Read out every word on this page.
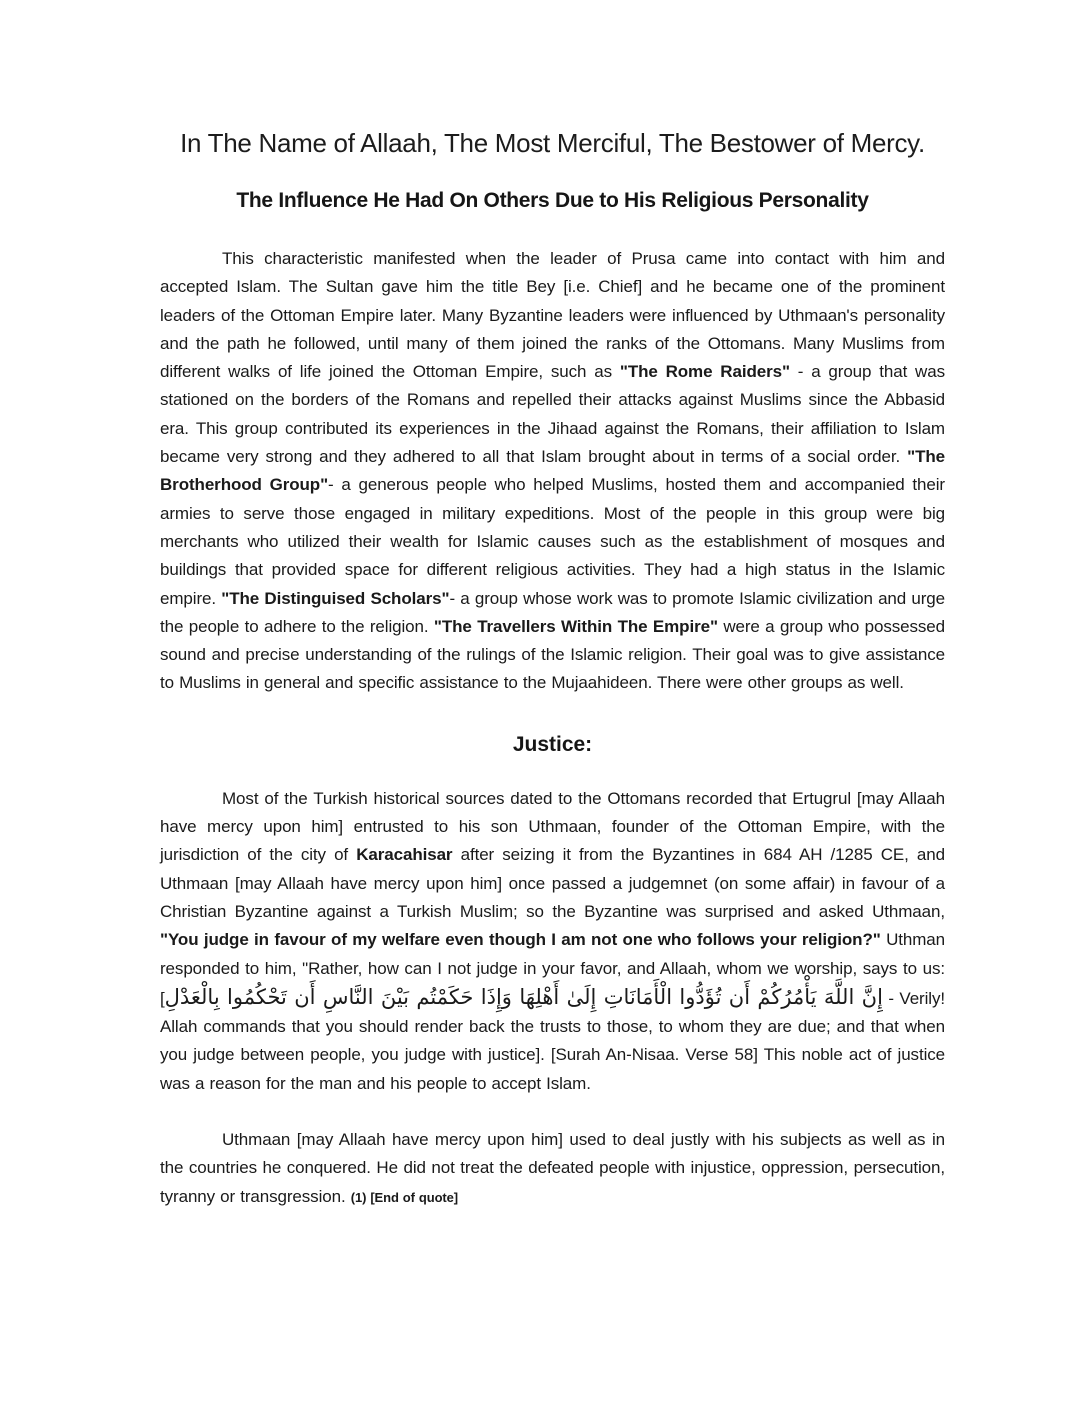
In The Name of Allaah, The Most Merciful, The Bestower of Mercy.
The Influence He Had On Others Due to His Religious Personality

This characteristic manifested when the leader of Prusa came into contact with him and accepted Islam. The Sultan gave him the title Bey [i.e. Chief] and he became one of the prominent leaders of the Ottoman Empire later. Many Byzantine leaders were influenced by Uthmaan's personality and the path he followed, until many of them joined the ranks of the Ottomans. Many Muslims from different walks of life joined the Ottoman Empire, such as "The Rome Raiders" - a group that was stationed on the borders of the Romans and repelled their attacks against Muslims since the Abbasid era. This group contributed its experiences in the Jihaad against the Romans, their affiliation to Islam became very strong and they adhered to all that Islam brought about in terms of a social order. "The Brotherhood Group"- a generous people who helped Muslims, hosted them and accompanied their armies to serve those engaged in military expeditions. Most of the people in this group were big merchants who utilized their wealth for Islamic causes such as the establishment of mosques and buildings that provided space for different religious activities. They had a high status in the Islamic empire. "The Distinguised Scholars"- a group whose work was to promote Islamic civilization and urge the people to adhere to the religion. "The Travellers Within The Empire" were a group who possessed sound and precise understanding of the rulings of the Islamic religion. Their goal was to give assistance to Muslims in general and specific assistance to the Mujaahideen. There were other groups as well.

Justice:

Most of the Turkish historical sources dated to the Ottomans recorded that Ertugrul [may Allaah have mercy upon him] entrusted to his son Uthmaan, founder of the Ottoman Empire, with the jurisdiction of the city of Karacahisar after seizing it from the Byzantines in 684 AH /1285 CE, and Uthmaan [may Allaah have mercy upon him] once passed a judgemnet (on some affair) in favour of a Christian Byzantine against a Turkish Muslim; so the Byzantine was surprised and asked Uthmaan, "You judge in favour of my welfare even though I am not one who follows your religion?" Uthman responded to him, "Rather, how can I not judge in your favor, and Allaah, whom we worship, says to us: [إِنَّ اللَّهَ يَأْمُرُكُمْ أَن تُؤَدُّوا الْأَمَانَاتِ إِلَىٰ أَهْلِهَا وَإِذَا حَكَمْتُم بَيْنَ النَّاسِ أَن تَحْكُمُوا بِالْعَدْلِ - Verily! Allah commands that you should render back the trusts to those, to whom they are due; and that when you judge between people, you judge with justice]. [Surah An-Nisaa. Verse 58] This noble act of justice was a reason for the man and his people to accept Islam.

Uthmaan [may Allaah have mercy upon him] used to deal justly with his subjects as well as in the countries he conquered. He did not treat the defeated people with injustice, oppression, persecution, tyranny or transgression. (1) [End of quote]
